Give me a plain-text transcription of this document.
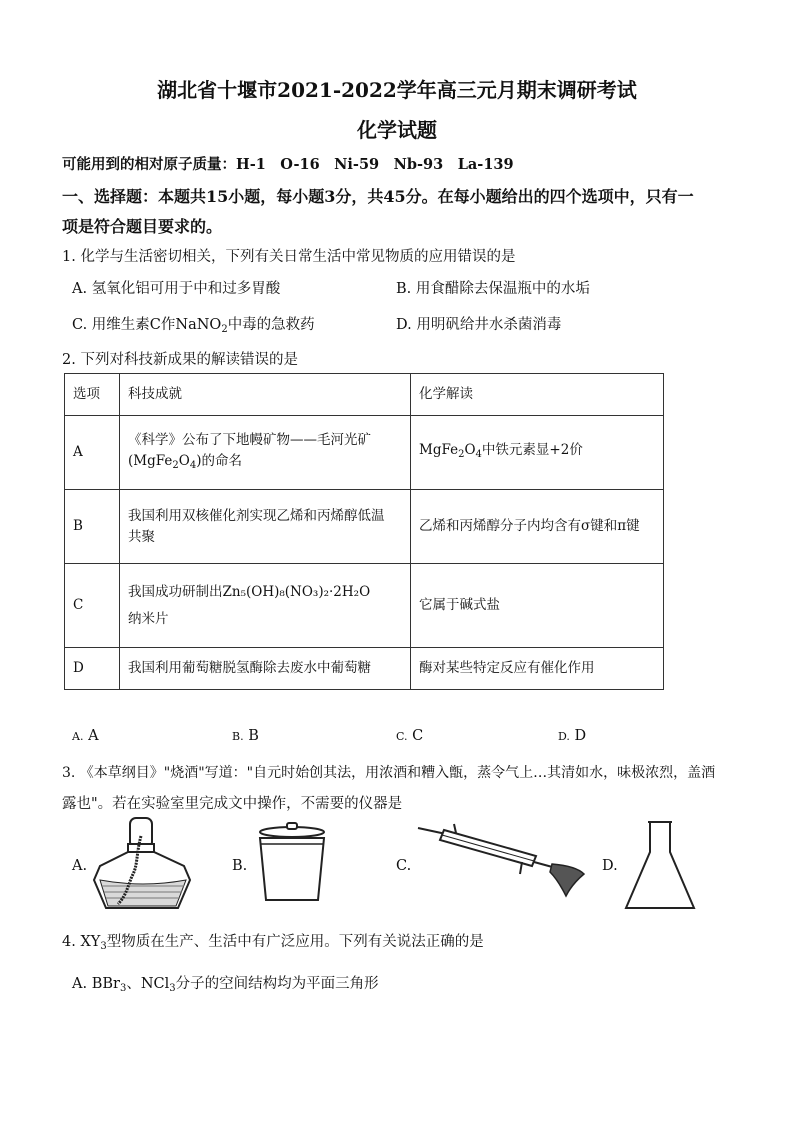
湖北省十堰市2021-2022学年高三元月期末调研考试
化学试题
可能用到的相对原子质量：H-1　O-16　Ni-59　Nb-93　La-139
一、选择题：本题共15小题，每小题3分，共45分。在每小题给出的四个选项中，只有一
项是符合题目要求的。
1. 化学与生活密切相关，下列有关日常生活中常见物质的应用错误的是
A. 氢氧化铝可用于中和过多胃酸	B. 用食醋除去保温瓶中的水垢
C. 用维生素C作NaNO$_2$中毒的急救药	D. 用明矾给井水杀菌消毒
2. 下列对科技新成果的解读错误的是
选项	科技成就	化学解读
A	《科学》公布了下地幔矿物——毛河光矿
$(MgFe_2O_4)$的命名	$MgFe_2O_4$中铁元素显+2价
B	我国利用双核催化剂实现乙烯和丙烯醇低温
共聚	乙烯和丙烯醇分子内均含有σ键和π键
C	我国成功研制出Zn₅(OH)₈(NO₃)₂·2H₂O
纳米片	它属于碱式盐
D	我国利用葡萄糖脱氢酶除去废水中葡萄糖	酶对某些特定反应有催化作用
A. A	B. B	C. C	D. D
3. 《本草纲目》"烧酒"写道："自元时始创其法，用浓酒和糟入甑，蒸令气上…其清如水，味极浓烈，盖酒
露也"。若在实验室里完成文中操作，不需要的仪器是
A.	B.	C.	D.
4. $XY_3$型物质在生产、生活中有广泛应用。下列有关说法正确的是
A. BBr$_3$、NCl$_3$分子的空间结构均为平面三角形
